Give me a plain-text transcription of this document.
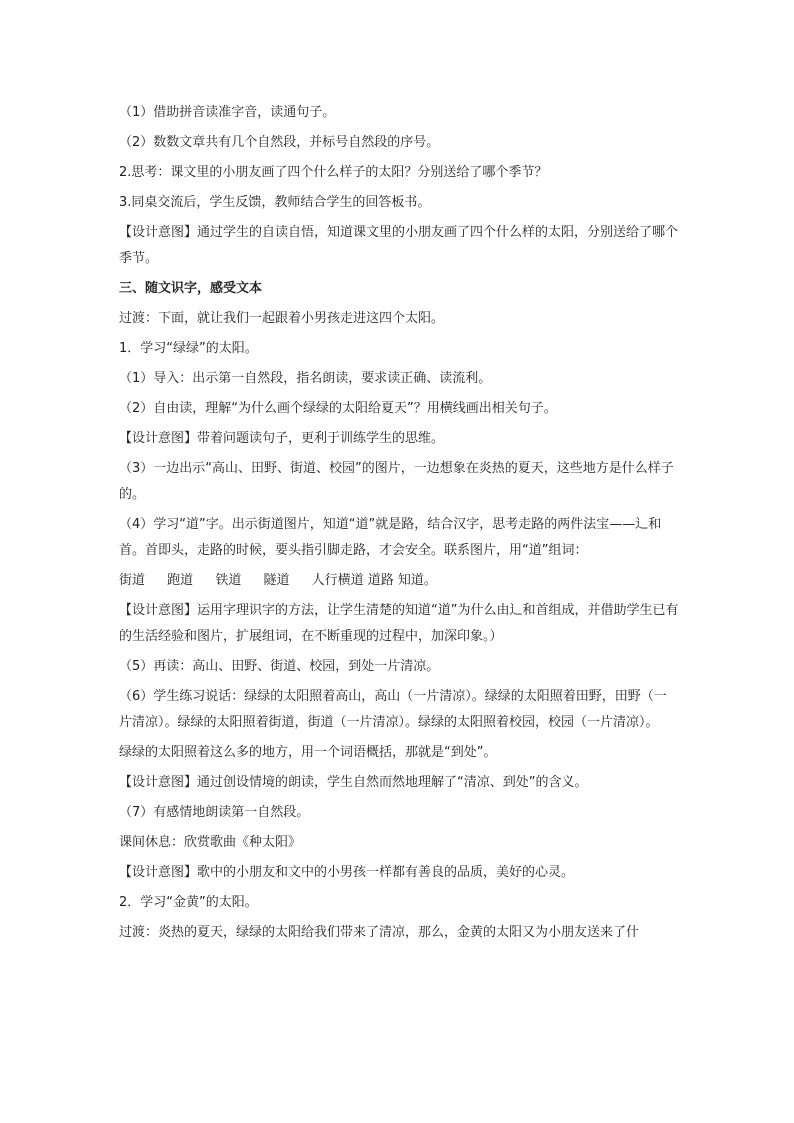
（1）借助拼音读准字音，读通句子。

（2）数数文章共有几个自然段，并标号自然段的序号。

2.思考：课文里的小朋友画了四个什么样子的太阳？分别送给了哪个季节？

3.同桌交流后，学生反馈，教师结合学生的回答板书。

【设计意图】通过学生的自读自悟，知道课文里的小朋友画了四个什么样的太阳，分别送给了哪个季节。

三、随文识字，感受文本

过渡：下面，就让我们一起跟着小男孩走进这四个太阳。

1．学习“绿绿”的太阳。

（1）导入：出示第一自然段，指名朗读，要求读正确、读流利。

（2）自由读，理解“为什么画个绿绿的太阳给夏天”？用横线画出相关句子。

【设计意图】带着问题读句子，更利于训练学生的思维。

（3）一边出示“高山、田野、街道、校园”的图片，一边想象在炎热的夏天，这些地方是什么样子的。

（4）学习“道”字。出示街道图片，知道“道”就是路，结合汉字，思考走路的两件法宝——辶和首。首即头，走路的时候，要头指引脚走路，才会安全。联系图片，用“道”组词：

街道 跑道 铁道 隧道 人行横道 道路 知道。

【设计意图】运用字理识字的方法，让学生清楚的知道“道”为什么由辶和首组成，并借助学生已有的生活经验和图片，扩展组词，在不断重现的过程中，加深印象。）

（5）再读：高山、田野、街道、校园，到处一片清凉。

（6）学生练习说话：绿绿的太阳照着高山，高山（一片清凉）。绿绿的太阳照着田野，田野（一片清凉）。绿绿的太阳照着街道，街道（一片清凉）。绿绿的太阳照着校园，校园（一片清凉）。

绿绿的太阳照着这么多的地方，用一个词语概括，那就是“到处”。

【设计意图】通过创设情境的朗读，学生自然而然地理解了“清凉、到处”的含义。

（7）有感情地朗读第一自然段。

课间休息：欣赏歌曲《种太阳》

【设计意图】歌中的小朋友和文中的小男孩一样都有善良的品质，美好的心灵。

2．学习“金黄”的太阳。

过渡：炎热的夏天，绿绿的太阳给我们带来了清凉，那么，金黄的太阳又为小朋友送来了什
